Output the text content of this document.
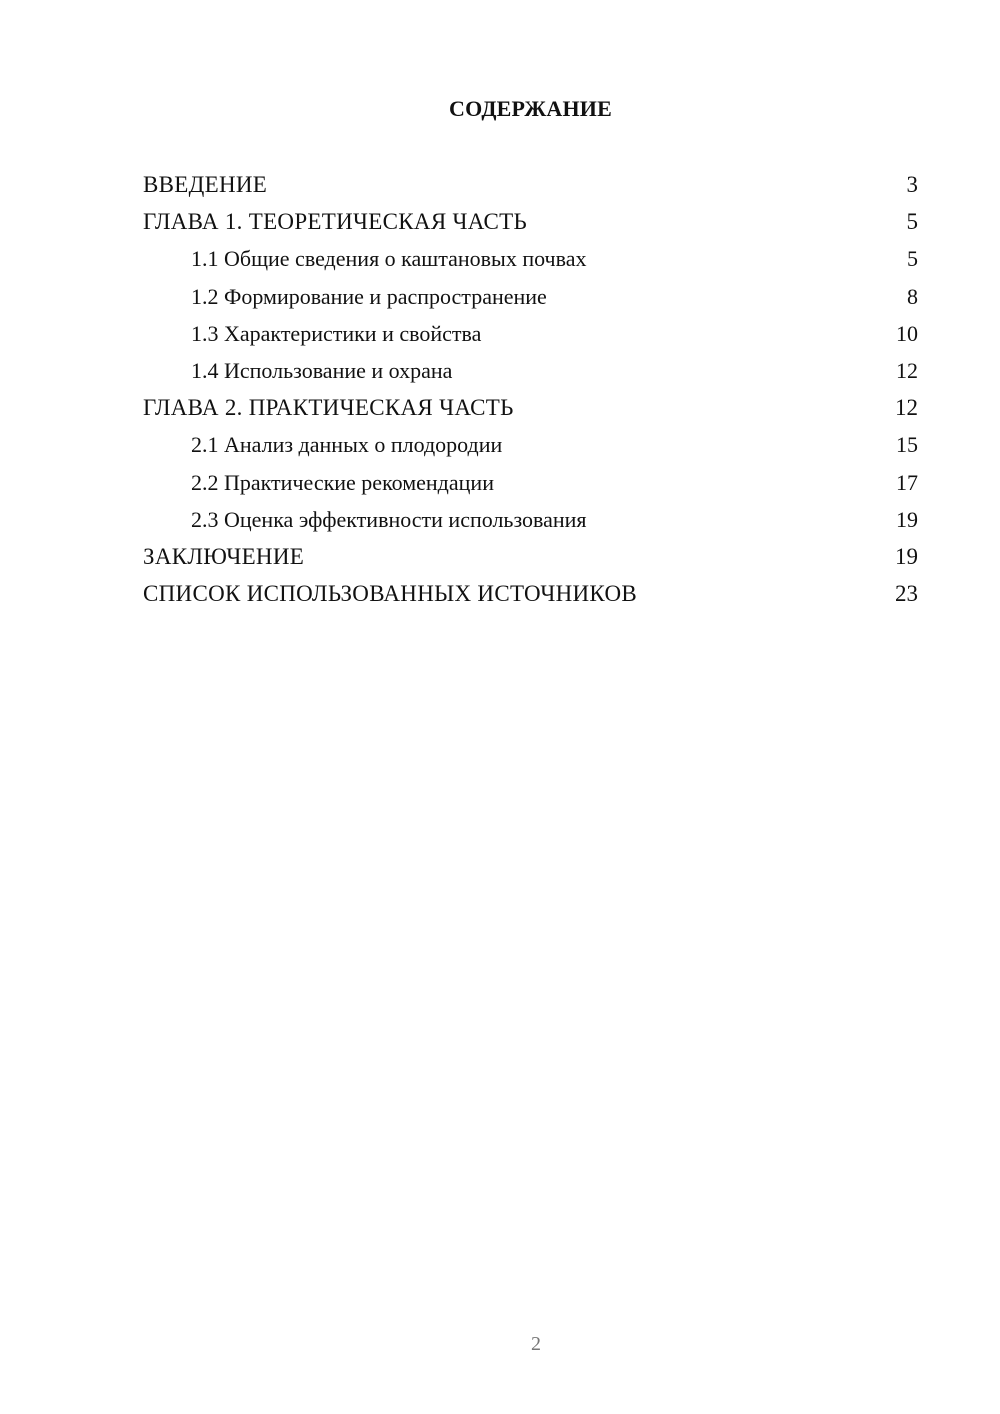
СОДЕРЖАНИЕ
ВВЕДЕНИЕ	3
ГЛАВА 1. ТЕОРЕТИЧЕСКАЯ ЧАСТЬ	5
1.1 Общие сведения о каштановых почвах	5
1.2 Формирование и распространение	8
1.3 Характеристики и свойства	10
1.4 Использование и охрана	12
ГЛАВА 2. ПРАКТИЧЕСКАЯ ЧАСТЬ	12
2.1 Анализ данных о плодородии	15
2.2 Практические рекомендации	17
2.3 Оценка эффективности использования	19
ЗАКЛЮЧЕНИЕ	19
СПИСОК ИСПОЛЬЗОВАННЫХ ИСТОЧНИКОВ	23
2
